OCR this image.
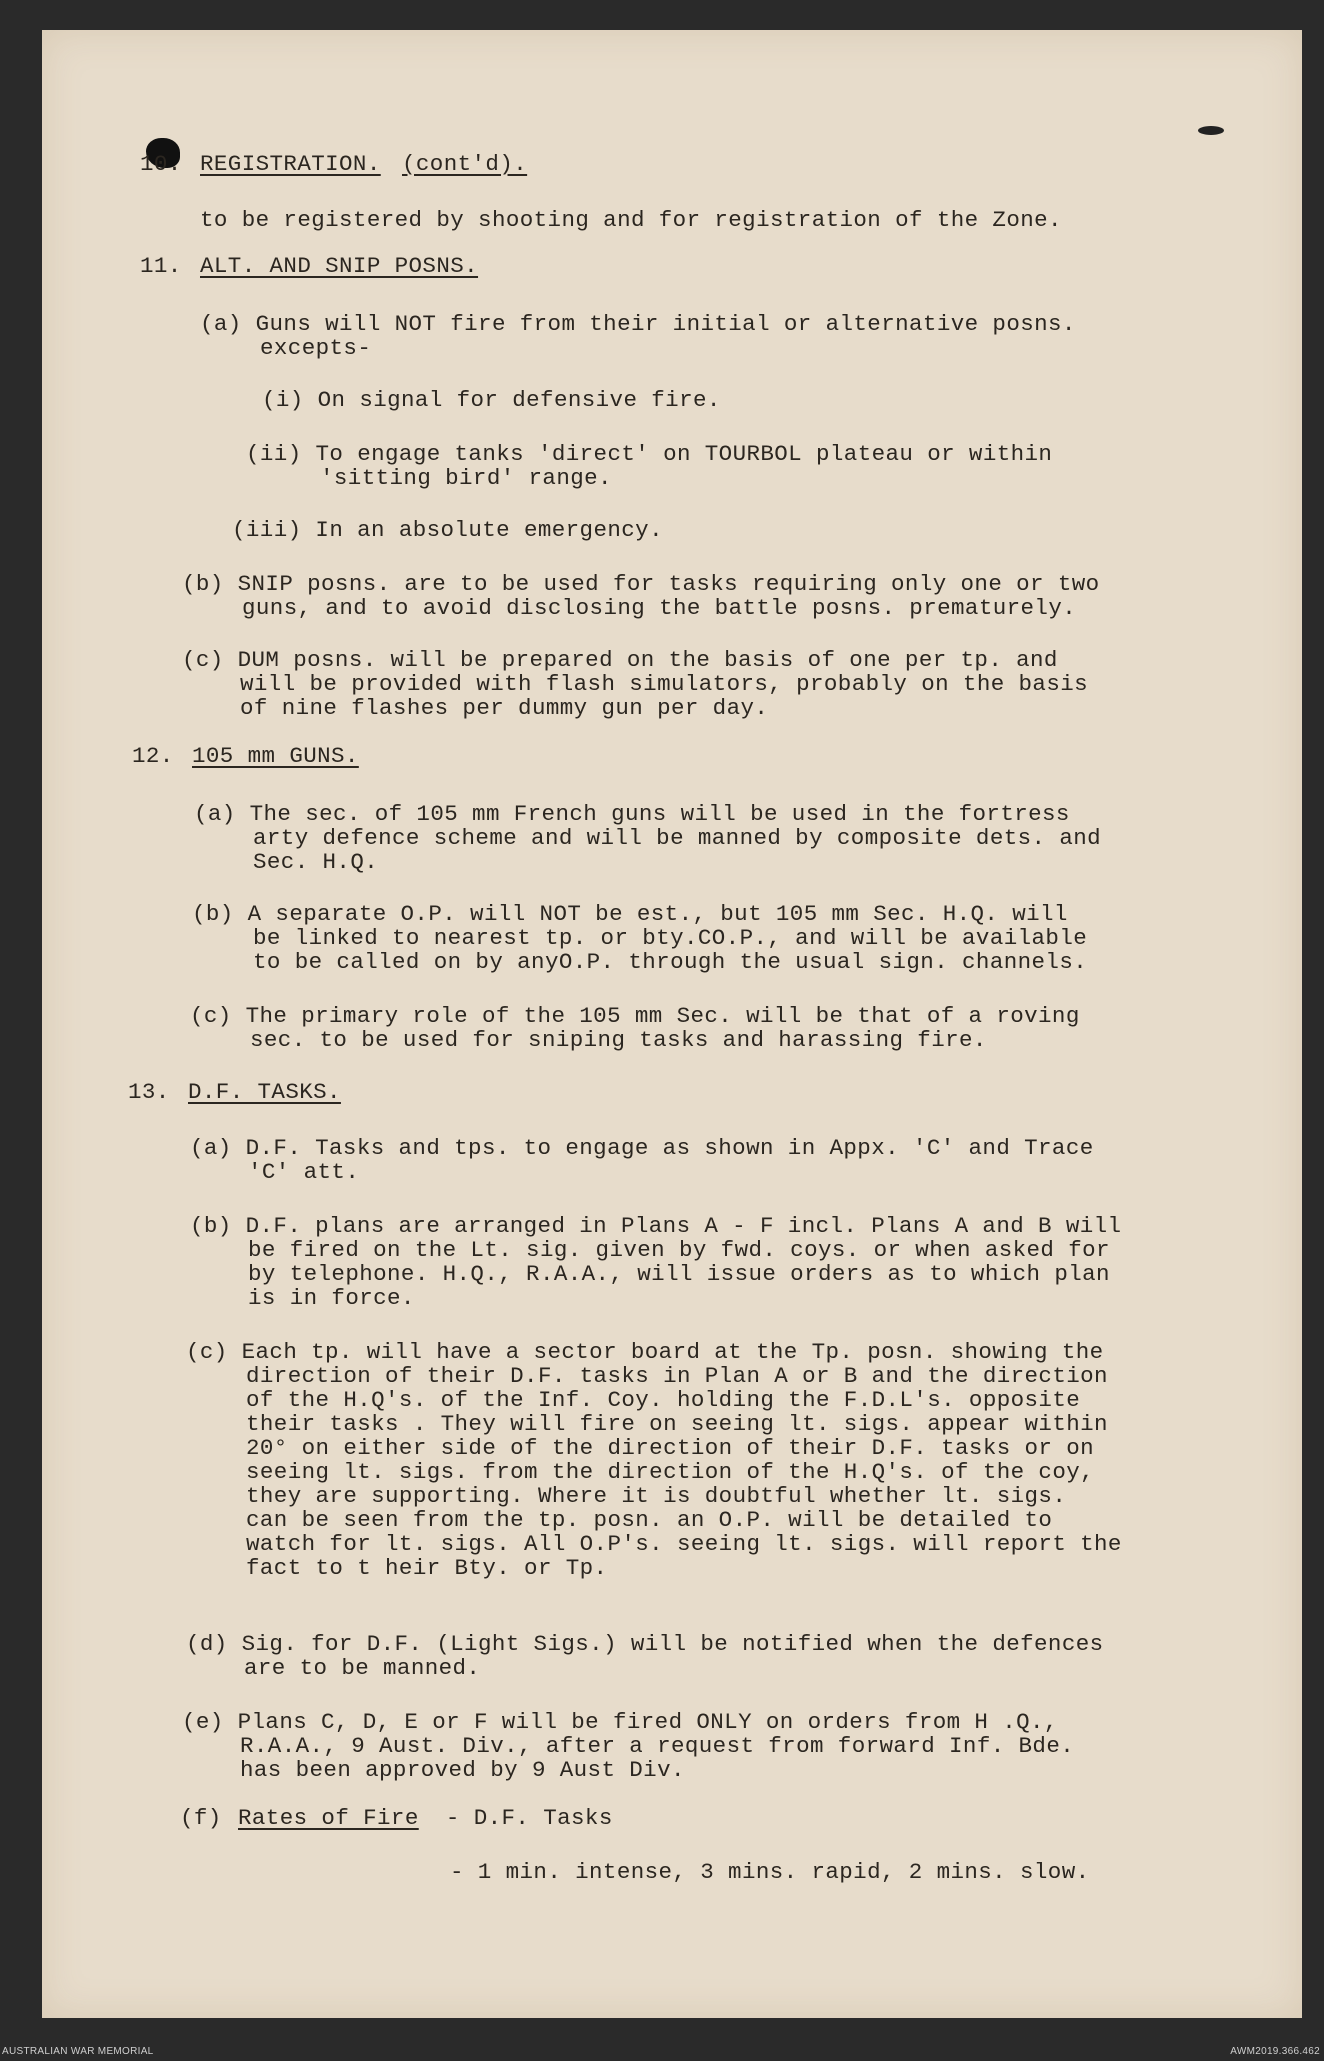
10. REGISTRATION. (cont'd).

to be registered by shooting and for registration of the Zone.

11. ALT. AND SNIP POSNS.

(a) Guns will NOT fire from their initial or alternative posns.

excepts-

(i) On signal for defensive fire.

(ii) To engage tanks 'direct' on TOURBOL plateau or within

'sitting bird' range.

(iii) In an absolute emergency.

(b) SNIP posns. are to be used for tasks requiring only one or two

guns, and to avoid disclosing the battle posns. prematurely.

(c) DUM posns. will be prepared on the basis of one per tp. and

will be provided with flash simulators, probably on the basis

of nine flashes per dummy gun per day.

12. 105 mm GUNS.

(a) The sec. of 105 mm French guns will be used in the fortress

arty defence scheme and will be manned by composite dets. and

Sec. H.Q.

(b) A separate O.P. will NOT be est., but 105 mm Sec. H.Q. will

be linked to nearest tp. or bty.CO.P., and will be available

to be called on by anyO.P. through the usual sign. channels.

(c) The primary role of the 105 mm Sec. will be that of a roving

sec. to be used for sniping tasks and harassing fire.

13. D.F. TASKS.

(a) D.F. Tasks and tps. to engage as shown in Appx. 'C' and Trace

'C' att.

(b) D.F. plans are arranged in Plans A - F incl. Plans A and B will

be fired on the Lt. sig. given by fwd. coys. or when asked for

by telephone. H.Q., R.A.A., will issue orders as to which plan

is in force.

(c) Each tp. will have a sector board at the Tp. posn. showing the

direction of their D.F. tasks in Plan A or B and the direction

of the H.Q's. of the Inf. Coy. holding the F.D.L's. opposite

their tasks . They will fire on seeing lt. sigs. appear within

20° on either side of the direction of their D.F. tasks or on

seeing lt. sigs. from the direction of the H.Q's. of the coy,

they are supporting. Where it is doubtful whether lt. sigs.

can be seen from the tp. posn. an O.P. will be detailed to

watch for lt. sigs. All O.P's. seeing lt. sigs. will report the

fact to t heir Bty. or Tp.

(d) Sig. for D.F. (Light Sigs.) will be notified when the defences

are to be manned.

(e) Plans C, D, E or F will be fired ONLY on orders from H .Q.,

R.A.A., 9 Aust. Div., after a request from forward Inf. Bde.

has been approved by 9 Aust Div.

(f) Rates of Fire - D.F. Tasks

- 1 min. intense, 3 mins. rapid, 2 mins. slow.

AUSTRALIAN WAR MEMORIAL	AWM2019.366.462
